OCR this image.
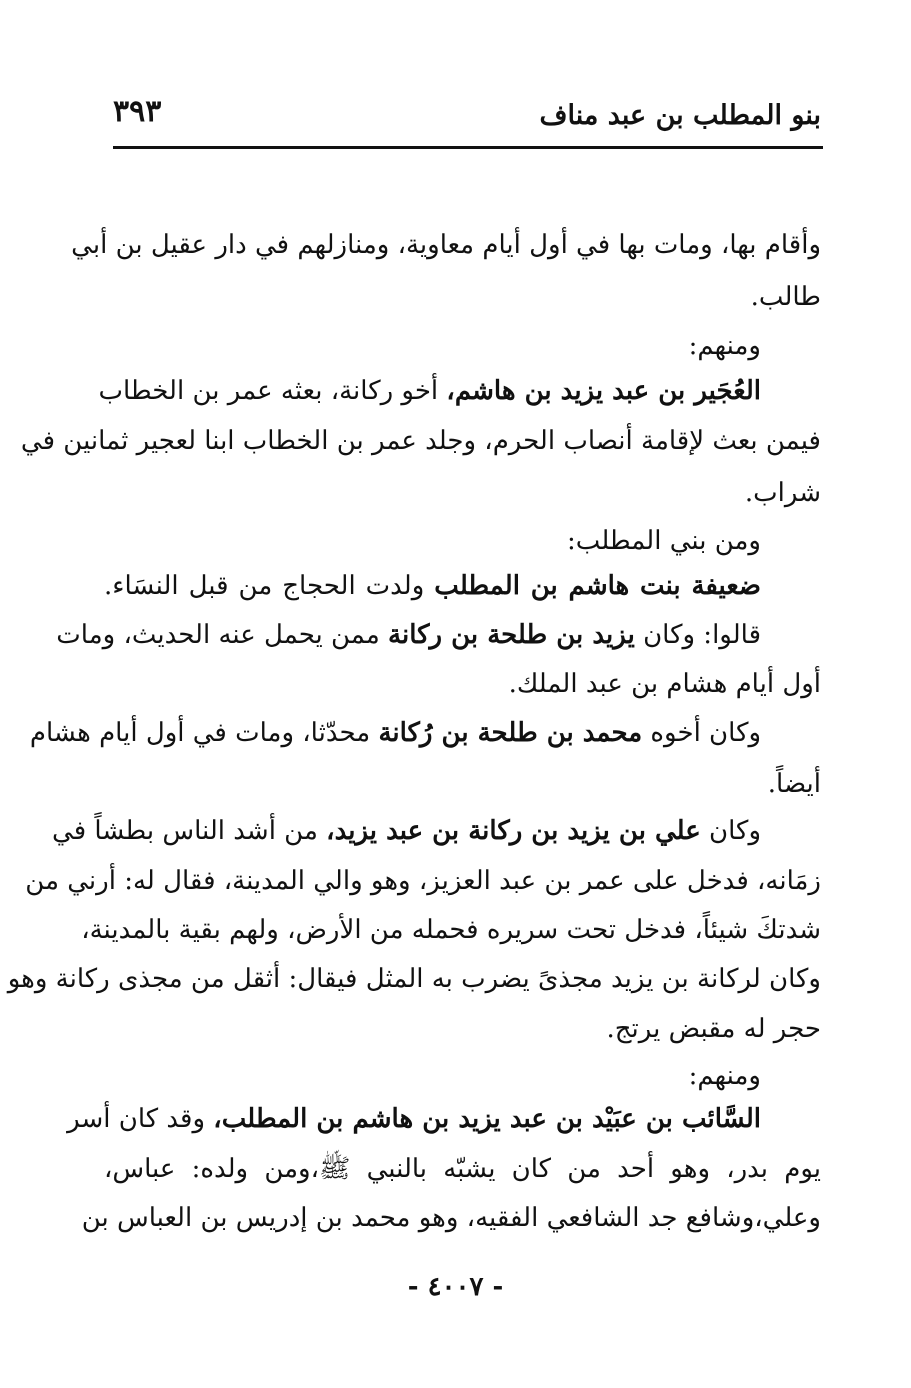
بنو المطلب بن عبد مناف
٣٩٣
وأقام بها، ومات بها في أول أيام معاوية، ومنازلهم في دار عقيل بن أبي
طالب.
ومنهم:
العُجَير بن عبد يزيد بن هاشم، أخو ركانة، بعثه عمر بن الخطاب
فيمن بعث لإقامة أنصاب الحرم، وجلد عمر بن الخطاب ابنا لعجير ثمانين في
شراب.
ومن بني المطلب:
ضعيفة بنت هاشم بن المطلب ولدت الحجاج من قبل النسَاء.
قالوا: وكان يزيد بن طلحة بن ركانة ممن يحمل عنه الحديث، ومات
أول أيام هشام بن عبد الملك.
وكان أخوه محمد بن طلحة بن رُكانة محدّثا، ومات في أول أيام هشام
أيضاً.
وكان علي بن يزيد بن ركانة بن عبد يزيد، من أشد الناس بطشاً في
زمَانه، فدخل على عمر بن عبد العزيز، وهو والي المدينة، فقال له: أرني من
شدتكَ شيئاً، فدخل تحت سريره فحمله من الأرض، ولهم بقية بالمدينة،
وكان لركانة بن يزيد مجذىً يضرب به المثل فيقال: أثقل من مجذى ركانة وهو
حجر له مقبض يرتج.
ومنهم:
السَّائب بن عبَيْد بن عبد يزيد بن هاشم بن المطلب، وقد كان أسر
يوم بدر، وهو أحد من كان يشبّه بالنبي ﷺ،ومن ولده: عباس،
وعلي،وشافع جد الشافعي الفقيه، وهو محمد بن إدريس بن العباس بن
- ٤٠٠٧ -
